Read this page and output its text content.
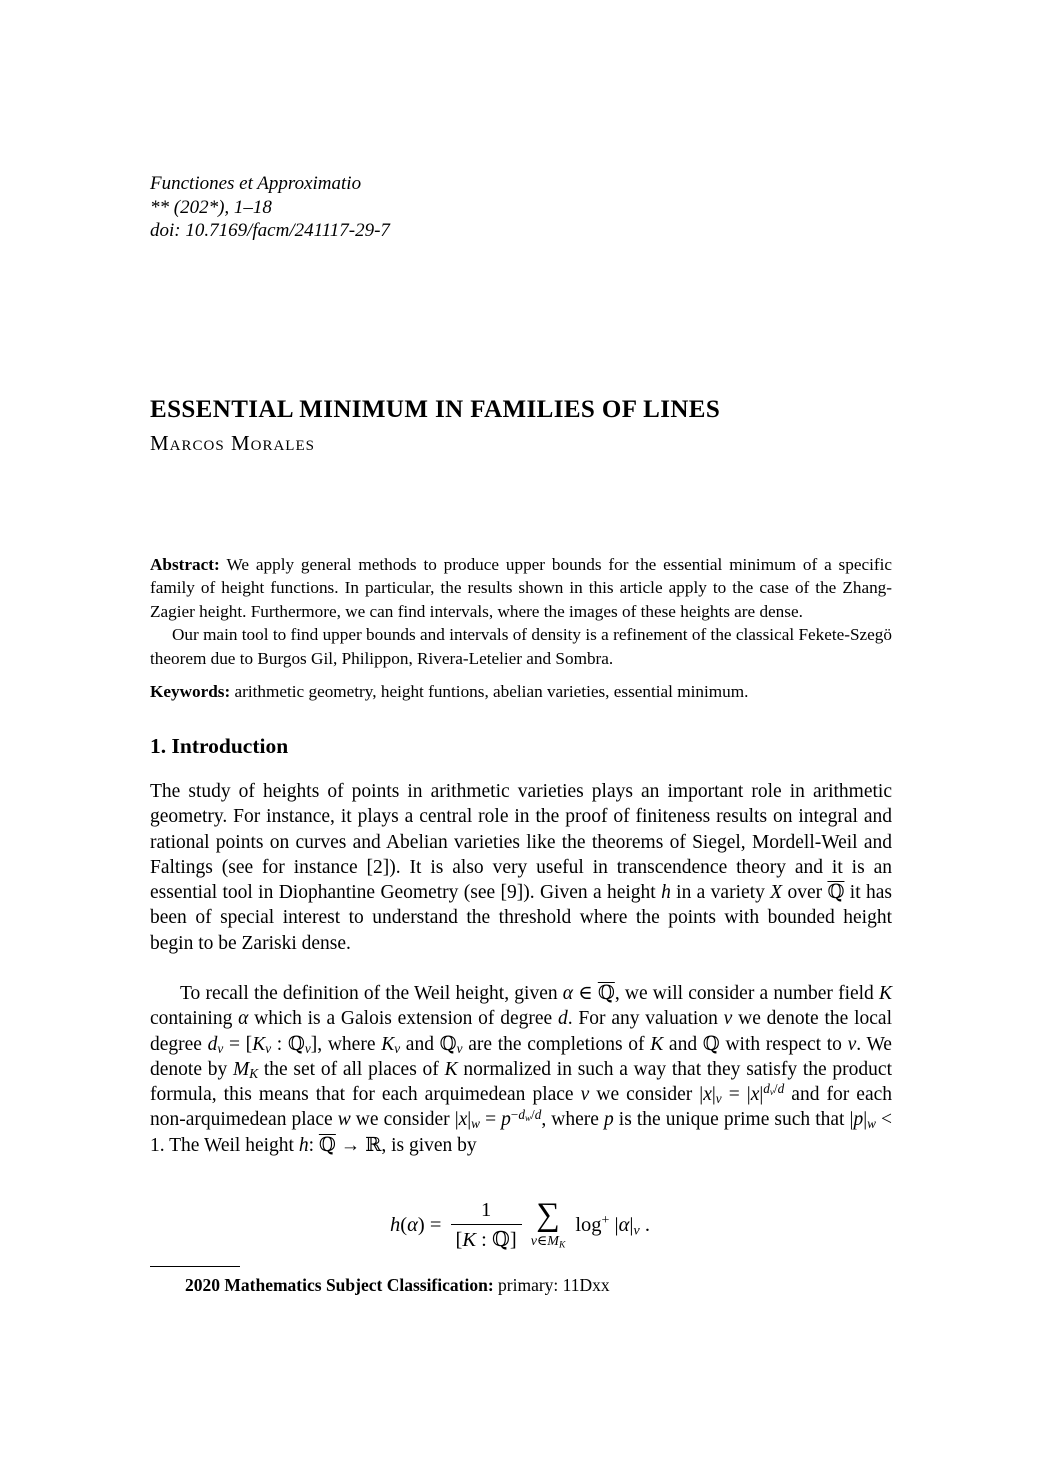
Functiones et Approximatio
** (202*), 1–18
doi: 10.7169/facm/241117-29-7
ESSENTIAL MINIMUM IN FAMILIES OF LINES
Marcos Morales

Abstract: We apply general methods to produce upper bounds for the essential minimum of a specific family of height functions. In particular, the results shown in this article apply to the case of the Zhang-Zagier height. Furthermore, we can find intervals, where the images of these heights are dense.

Our main tool to find upper bounds and intervals of density is a refinement of the classical Fekete-Szegö theorem due to Burgos Gil, Philippon, Rivera-Letelier and Sombra.

Keywords: arithmetic geometry, height funtions, abelian varieties, essential minimum.

1. Introduction

The study of heights of points in arithmetic varieties plays an important role in arithmetic geometry. For instance, it plays a central role in the proof of finiteness results on integral and rational points on curves and Abelian varieties like the theorems of Siegel, Mordell-Weil and Faltings (see for instance [2]). It is also very useful in transcendence theory and it is an essential tool in Diophantine Geometry (see [9]). Given a height h in a variety X over ℚ it has been of special interest to understand the threshold where the points with bounded height begin to be Zariski dense.

To recall the definition of the Weil height, given α ∈ ℚ, we will consider a number field K containing α which is a Galois extension of degree d. For any valuation v we denote the local degree dv = [Kv : ℚv], where Kv and ℚv are the completions of K and ℚ with respect to v. We denote by MK the set of all places of K normalized in such a way that they satisfy the product formula, this means that for each arquimedean place v we consider $|x|v = |x|^{dv/d}$ and for each non-arquimedean place w we consider $|x|w = p^{-dw/d}$, where p is the unique prime such that |p|w < 1. The Weil height h: ℚ → ℝ, is given by

$h(\alpha) = \frac{1}{\text{[K : ℚ]}}$ ∑
ν∈MK
log+ |α|ν .

2020 Mathematics Subject Classification: primary: 11Dxx
